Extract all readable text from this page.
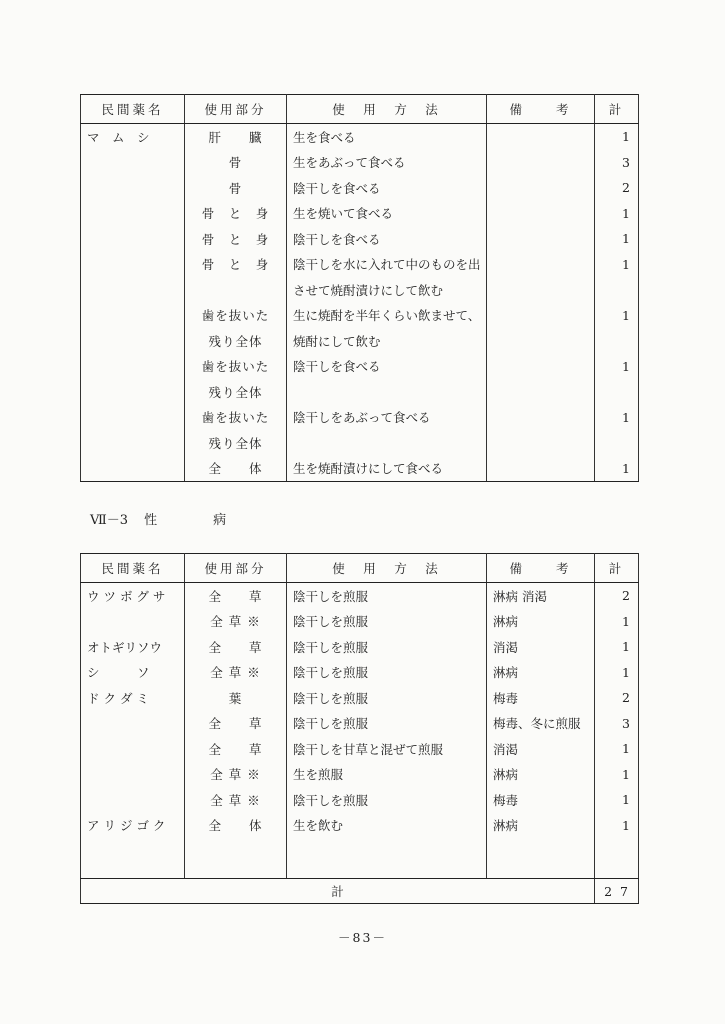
民間薬名	使用部分	使　用　方　法	備　　考	計
マ　ム　シ	肝　　臓	生を食べる		1
	骨	生をあぶって食べる		3
	骨	陰干しを食べる		2
	骨　と　身	生を焼いて食べる		1
	骨　と　身	陰干しを食べる		1
	骨　と　身	陰干しを水に入れて中のものを出		1
		させて焼酎漬けにして飲む		
	歯を抜いた	生に焼酎を半年くらい飲ませて、		1
	残り全体	焼酎にして飲む		
	歯を抜いた	陰干しを食べる		1
	残り全体			
	歯を抜いた	陰干しをあぶって食べる		1
	残り全体			
	全　　体	生を焼酎漬けにして食べる		1
Ⅶ－3 性	病
民間薬名	使用部分	使　用　方　法	備　　考	計
ウ ツ ボ グ サ	全　　草	陰干しを煎服	淋病 消渇	2
	全 草 ※	陰干しを煎服	淋病	1
オトギリソウ	全　　草	陰干しを煎服	消渇	1
シ　　　ソ	全 草 ※	陰干しを煎服	淋病	1
ド ク ダ ミ	葉	陰干しを煎服	梅毒	2
	全　　草	陰干しを煎服	梅毒、冬に煎服	3
	全　　草	陰干しを甘草と混ぜて煎服	消渇	1
	全 草 ※	生を煎服	淋病	1
	全 草 ※	陰干しを煎服	梅毒	1
ア リ ジ ゴ ク	全　　体	生を飲む	淋病	1

計				2 7
－83－
